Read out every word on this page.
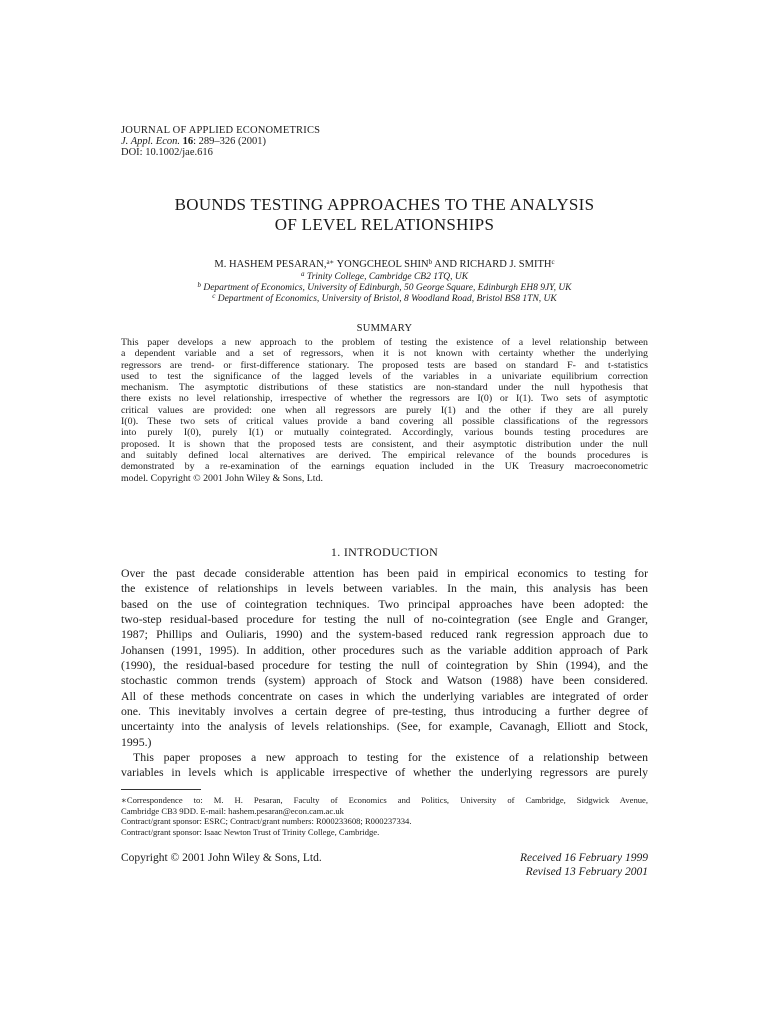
JOURNAL OF APPLIED ECONOMETRICS
J. Appl. Econ. 16: 289–326 (2001)
DOI: 10.1002/jae.616
BOUNDS TESTING APPROACHES TO THE ANALYSIS
OF LEVEL RELATIONSHIPS
M. HASHEM PESARAN,$^{a∗}$ YONGCHEOL SHIN$^b$ AND RICHARD J. SMITH$^c$
$^a$ Trinity College, Cambridge CB2 1TQ, UK
$^b$ Department of Economics, University of Edinburgh, 50 George Square, Edinburgh EH8 9JY, UK
$^c$ Department of Economics, University of Bristol, 8 Woodland Road, Bristol BS8 1TN, UK
SUMMARY
This paper develops a new approach to the problem of testing the existence of a level relationship between
a dependent variable and a set of regressors, when it is not known with certainty whether the underlying
regressors are trend- or first-difference stationary. The proposed tests are based on standard F- and t-statistics
used to test the significance of the lagged levels of the variables in a univariate equilibrium correction
mechanism. The asymptotic distributions of these statistics are non-standard under the null hypothesis that
there exists no level relationship, irrespective of whether the regressors are I(0) or I(1). Two sets of asymptotic
critical values are provided: one when all regressors are purely I(1) and the other if they are all purely
I(0). These two sets of critical values provide a band covering all possible classifications of the regressors
into purely I(0), purely I(1) or mutually cointegrated. Accordingly, various bounds testing procedures are
proposed. It is shown that the proposed tests are consistent, and their asymptotic distribution under the null
and suitably defined local alternatives are derived. The empirical relevance of the bounds procedures is
demonstrated by a re-examination of the earnings equation included in the UK Treasury macroeconometric
model. Copyright © 2001 John Wiley & Sons, Ltd.
1. INTRODUCTION
Over the past decade considerable attention has been paid in empirical economics to testing for
the existence of relationships in levels between variables. In the main, this analysis has been
based on the use of cointegration techniques. Two principal approaches have been adopted: the
two-step residual-based procedure for testing the null of no-cointegration (see Engle and Granger,
1987; Phillips and Ouliaris, 1990) and the system-based reduced rank regression approach due to
Johansen (1991, 1995). In addition, other procedures such as the variable addition approach of Park
(1990), the residual-based procedure for testing the null of cointegration by Shin (1994), and the
stochastic common trends (system) approach of Stock and Watson (1988) have been considered.
All of these methods concentrate on cases in which the underlying variables are integrated of order
one. This inevitably involves a certain degree of pre-testing, thus introducing a further degree of
uncertainty into the analysis of levels relationships. (See, for example, Cavanagh, Elliott and Stock,
1995.)
This paper proposes a new approach to testing for the existence of a relationship between
variables in levels which is applicable irrespective of whether the underlying regressors are purely
∗Correspondence to: M. H. Pesaran, Faculty of Economics and Politics, University of Cambridge, Sidgwick Avenue,
Cambridge CB3 9DD. E-mail: hashem.pesaran@econ.cam.ac.uk
Contract/grant sponsor: ESRC; Contract/grant numbers: R000233608; R000237334.
Contract/grant sponsor: Isaac Newton Trust of Trinity College, Cambridge.
Copyright © 2001 John Wiley & Sons, Ltd.	Received 16 February 1999
Revised 13 February 2001
